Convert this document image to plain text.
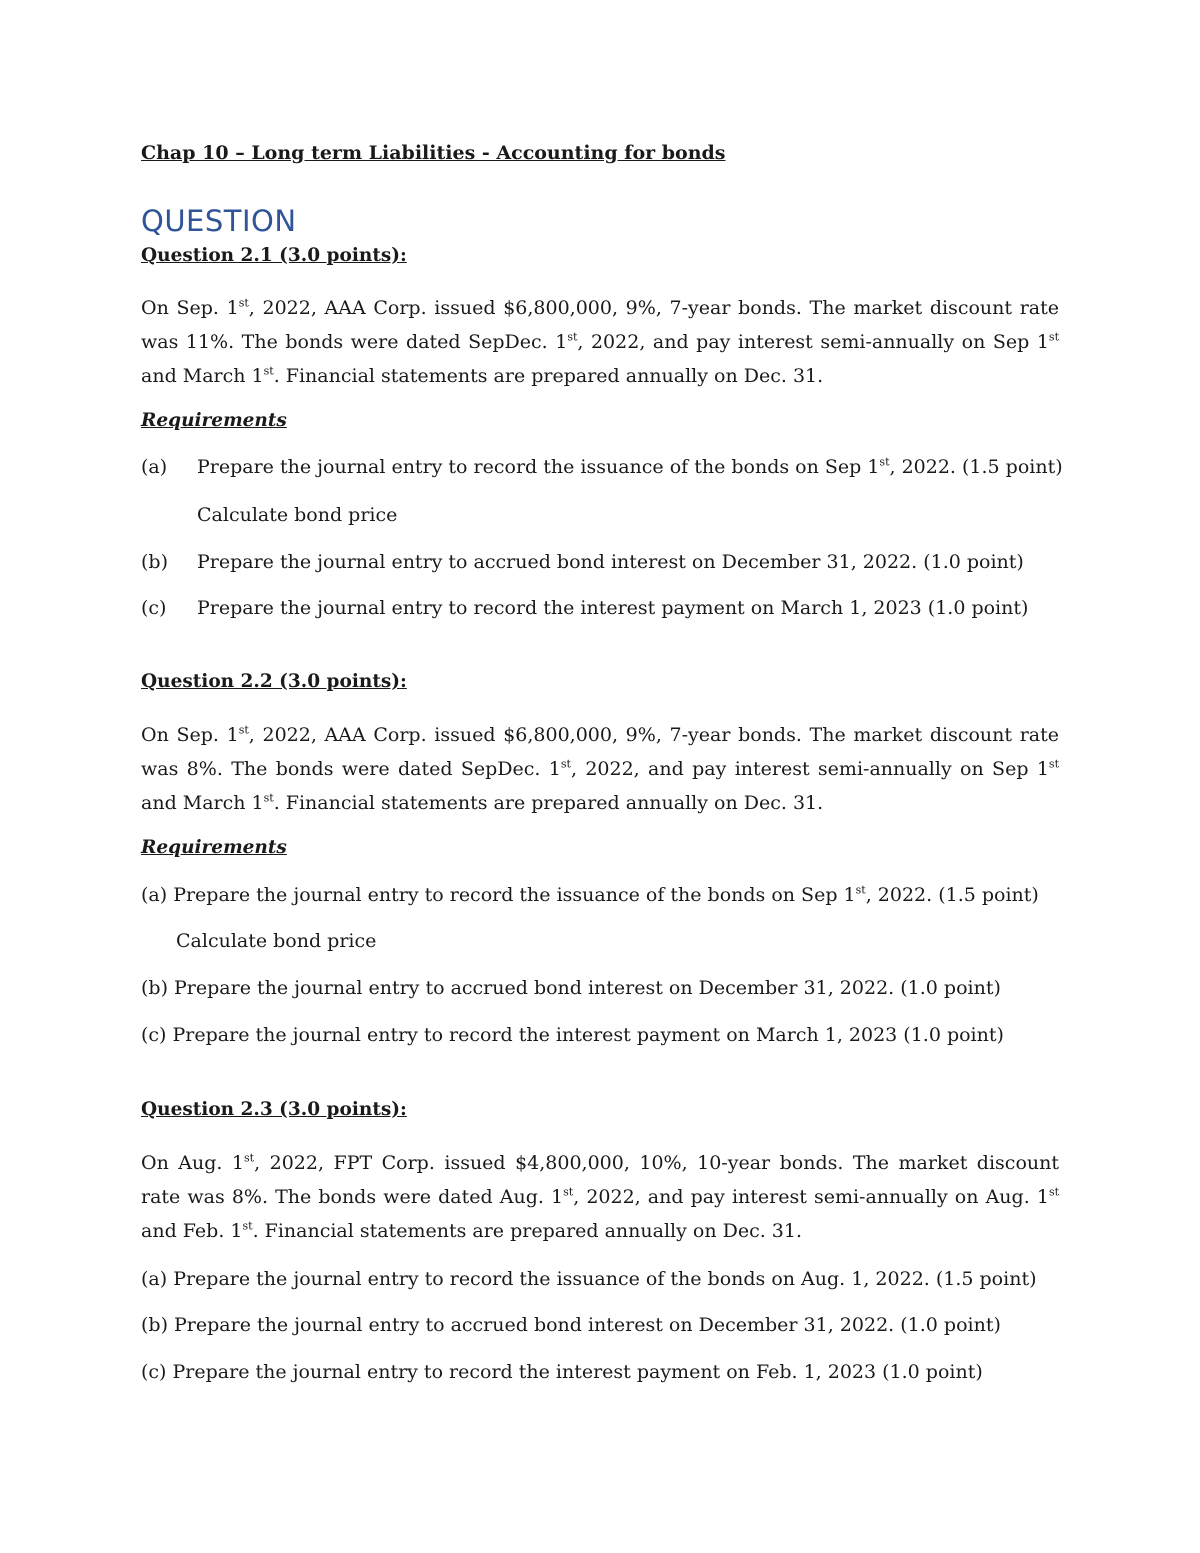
Chap 10 – Long term Liabilities - Accounting for bonds

QUESTION

Question 2.1 (3.0 points):

On Sep. 1st, 2022, AAA Corp. issued $6,800,000, 9%, 7-year bonds. The market discount rate was 11%. The bonds were dated SepDec. 1st, 2022, and pay interest semi-annually on Sep 1st and March 1st. Financial statements are prepared annually on Dec. 31.

Requirements

(a) Prepare the journal entry to record the issuance of the bonds on Sep 1st, 2022. (1.5 point)

Calculate bond price

(b) Prepare the journal entry to accrued bond interest on December 31, 2022. (1.0 point)

(c) Prepare the journal entry to record the interest payment on March 1, 2023 (1.0 point)

Question 2.2 (3.0 points):

On Sep. 1st, 2022, AAA Corp. issued $6,800,000, 9%, 7-year bonds. The market discount rate was 8%. The bonds were dated SepDec. 1st, 2022, and pay interest semi-annually on Sep 1st and March 1st. Financial statements are prepared annually on Dec. 31.

Requirements

(a) Prepare the journal entry to record the issuance of the bonds on Sep 1st, 2022. (1.5 point)

Calculate bond price

(b) Prepare the journal entry to accrued bond interest on December 31, 2022. (1.0 point)

(c) Prepare the journal entry to record the interest payment on March 1, 2023 (1.0 point)

Question 2.3 (3.0 points):

On Aug. 1st, 2022, FPT Corp. issued $4,800,000, 10%, 10-year bonds. The market discount rate was 8%. The bonds were dated Aug. 1st, 2022, and pay interest semi-annually on Aug. 1st and Feb. 1st. Financial statements are prepared annually on Dec. 31.

(a) Prepare the journal entry to record the issuance of the bonds on Aug. 1, 2022. (1.5 point)

(b) Prepare the journal entry to accrued bond interest on December 31, 2022. (1.0 point)

(c) Prepare the journal entry to record the interest payment on Feb. 1, 2023 (1.0 point)
